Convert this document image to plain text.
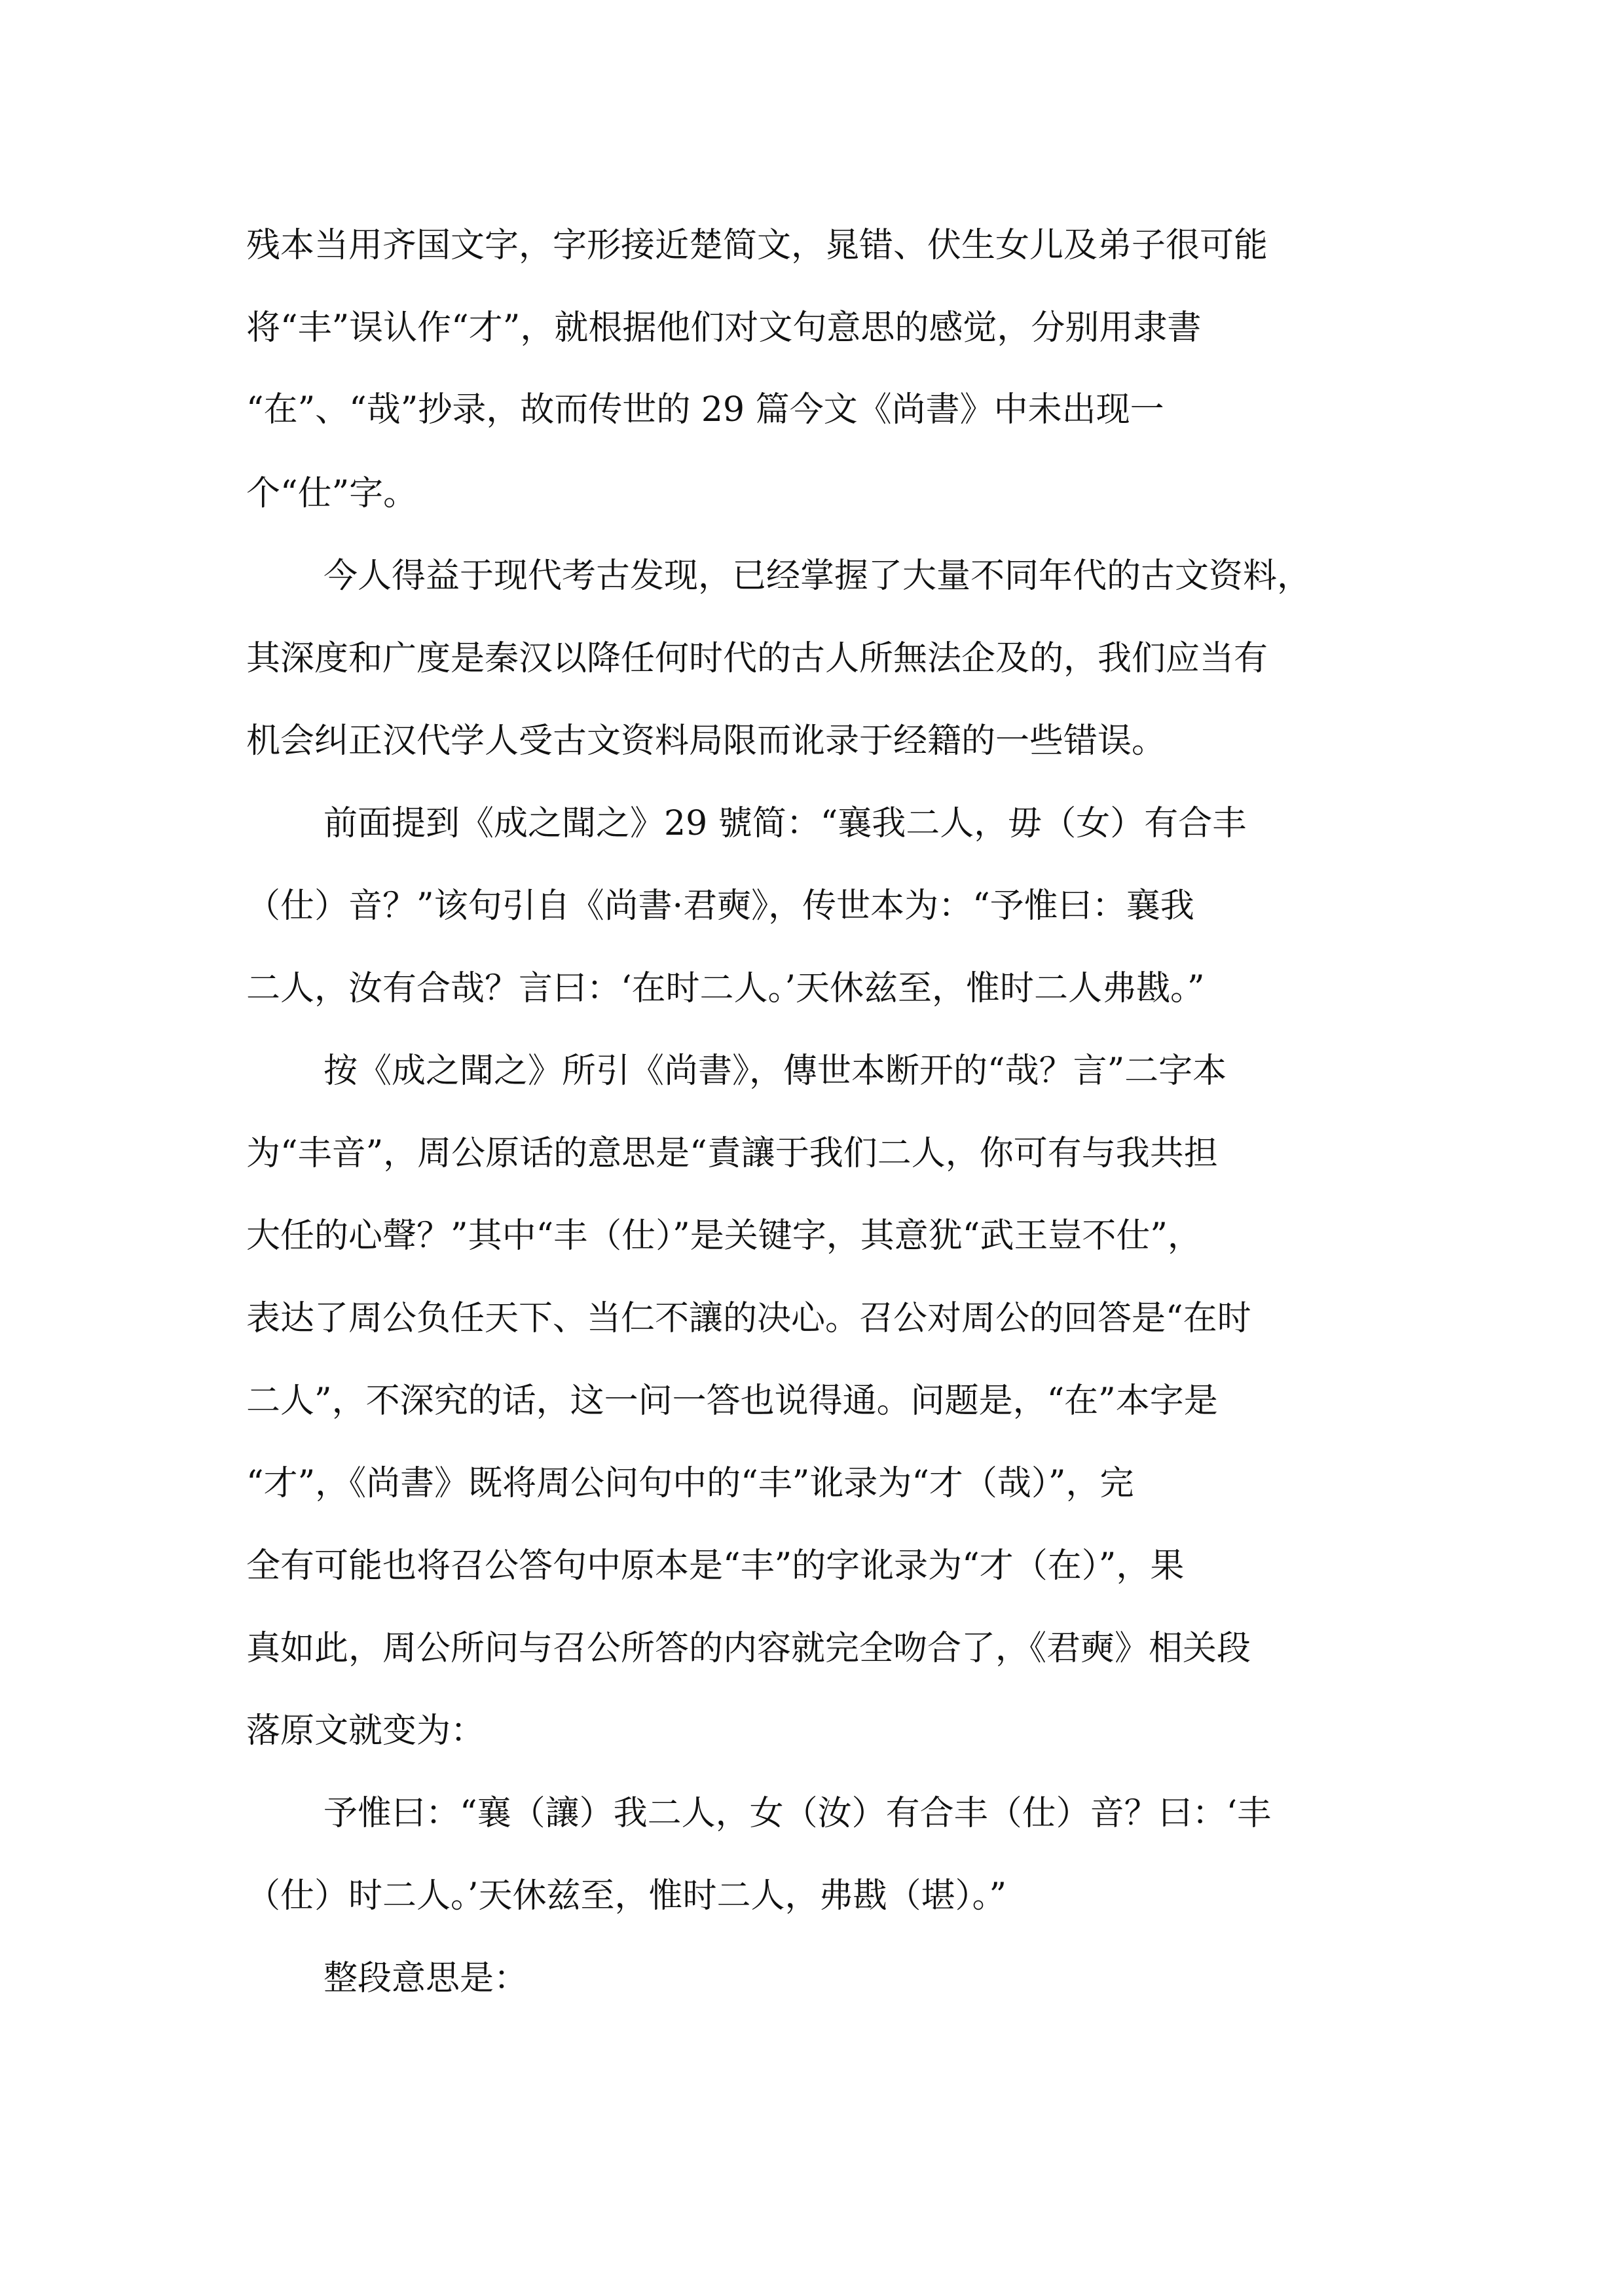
残本当用齐国文字，字形接近楚简文，晁错、伏生女儿及弟子很可能
将“丰”误认作“才”，就根据他们对文句意思的感觉，分别用隶書
“在”、“哉”抄录，故而传世的 29 篇今文《尚書》中未出现一
个“仕”字。
今人得益于现代考古发现，已经掌握了大量不同年代的古文资料，
其深度和广度是秦汉以降任何时代的古人所無法企及的，我们应当有
机会纠正汉代学人受古文资料局限而讹录于经籍的一些错误。
前面提到《成之聞之》29 號简：“襄我二人，毋（女）有合丰
（仕）音？”该句引自《尚書·君奭》，传世本为：“予惟曰：襄我
二人，汝有合哉？言曰：‘在时二人。’天休兹至，惟时二人弗戡。”
按《成之聞之》所引《尚書》，傳世本断开的“哉？言”二字本
为“丰音”，周公原话的意思是“責讓于我们二人，你可有与我共担
大任的心聲？”其中“丰（仕）”是关键字，其意犹“武王豈不仕”，
表达了周公负任天下、当仁不讓的决心。召公对周公的回答是“在时
二人”，不深究的话，这一问一答也说得通。问题是，“在”本字是
“才”，《尚書》既将周公问句中的“丰”讹录为“才（哉）”，完
全有可能也将召公答句中原本是“丰”的字讹录为“才（在）”，果
真如此，周公所问与召公所答的内容就完全吻合了，《君奭》相关段
落原文就变为：
予惟曰：“襄（讓）我二人，女（汝）有合丰（仕）音？曰：‘丰
（仕）时二人。’天休兹至，惟时二人，弗戡（堪）。”
整段意思是：
